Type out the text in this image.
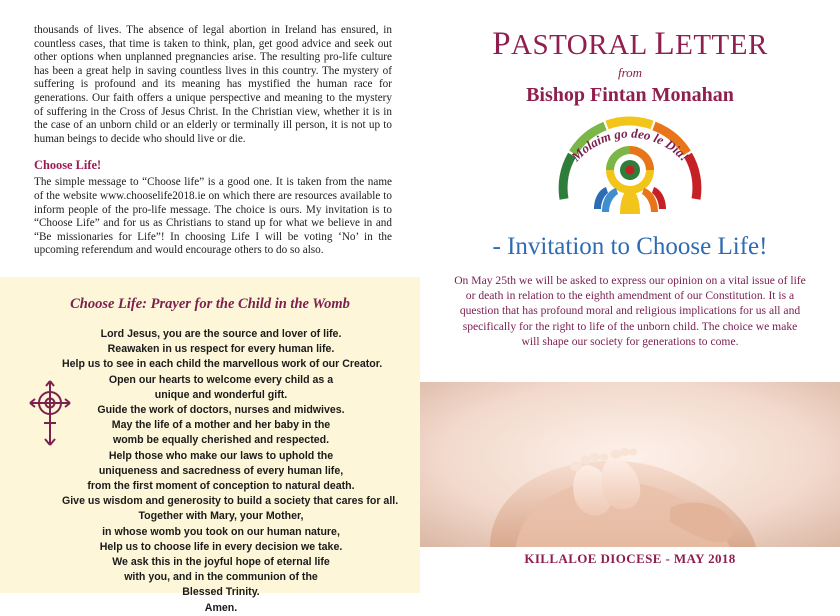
thousands of lives. The absence of legal abortion in Ireland has ensured, in countless cases, that time is taken to think, plan, get good advice and seek out other options when unplanned pregnancies arise. The resulting pro-life culture has been a great help in saving countless lives in this country. The mystery of suffering is profound and its meaning has mystified the human race for generations. Our faith offers a unique perspective and meaning to the mystery of suffering in the Cross of Jesus Christ. In the Christian view, whether it is in the case of an unborn child or an elderly or terminally ill person, it is not up to human beings to decide who should live or die.

Choose Life!

The simple message to “Choose life” is a good one. It is taken from the name of the website www.chooselife2018.ie on which there are resources available to inform people of the pro-life message. The choice is ours. My invitation is to “Choose Life” and for us as Christians to stand up for what we believe in and “Be missionaries for Life”! In choosing Life I will be voting ‘No’ in the upcoming referendum and would encourage others to do so also.

Choose Life: Prayer for the Child in the Womb
Lord Jesus, you are the source and lover of life.
Reawaken in us respect for every human life.
Help us to see in each child the marvellous work of our Creator.
Open our hearts to welcome every child as a
unique and wonderful gift.
Guide the work of doctors, nurses and midwives.
May the life of a mother and her baby in the
womb be equally cherished and respected.
Help those who make our laws to uphold the
uniqueness and sacredness of every human life,
from the first moment of conception to natural death.
Give us wisdom and generosity to build a society that cares for all.
Together with Mary, your Mother,
in whose womb you took on our human nature,
Help us to choose life in every decision we take.
We ask this in the joyful hope of eternal life
with you, and in the communion of the
Blessed Trinity.
Amen.
PASTORAL LETTER
from
Bishop Fintan Monahan
Molaim go deo le Dia!
- Invitation to Choose Life!

On May 25th we will be asked to express our opinion on a vital issue of life or death in relation to the eighth amendment of our Constitution. It is a question that has profound moral and religious implications for us all and specifically for the right to life of the unborn child. The choice we make will shape our society for generations to come.

KILLALOE DIOCESE - MAY 2018
